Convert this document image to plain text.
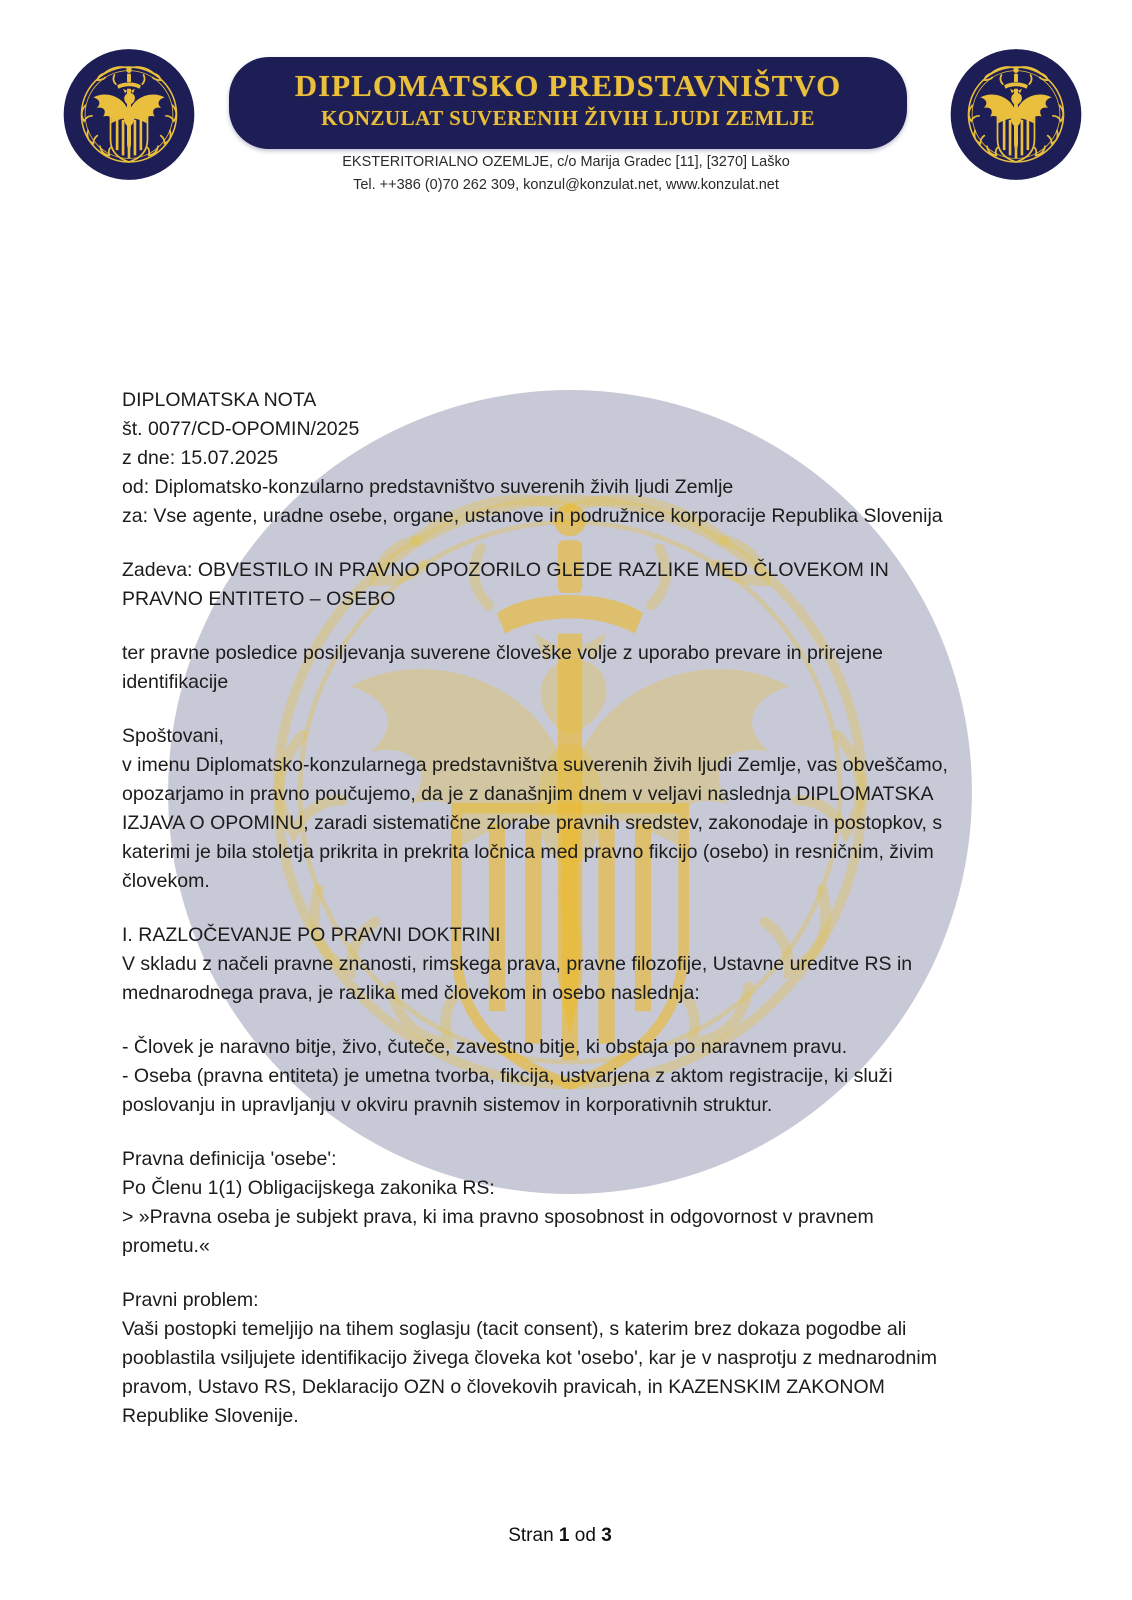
DIPLOMATSKO PREDSTAVNIŠTVO
KONZULAT SUVERENIH ŽIVIH LJUDI ZEMLJE
EKSTERITORIALNO OZEMLJE, c/o Marija Gradec [11], [3270] Laško
Tel. ++386 (0)70 262 309, konzul@konzulat.net, www.konzulat.net
DIPLOMATSKA NOTA
št. 0077/CD-OPOMIN/2025
z dne: 15.07.2025
od: Diplomatsko-konzularno predstavništvo suverenih živih ljudi Zemlje
za: Vse agente, uradne osebe, organe, ustanove in podružnice korporacije Republika Slovenija
Zadeva: OBVESTILO IN PRAVNO OPOZORILO GLEDE RAZLIKE MED ČLOVEKOM IN
PRAVNO ENTITETO – OSEBO
ter pravne posledice posiljevanja suverene človeške volje z uporabo prevare in prirejene
identifikacije
Spoštovani,
v imenu Diplomatsko-konzularnega predstavništva suverenih živih ljudi Zemlje, vas obveščamo,
opozarjamo in pravno poučujemo, da je z današnjim dnem v veljavi naslednja DIPLOMATSKA
IZJAVA O OPOMINU, zaradi sistematične zlorabe pravnih sredstev, zakonodaje in postopkov, s
katerimi je bila stoletja prikrita in prekrita ločnica med pravno fikcijo (osebo) in resničnim, živim
človekom.
I. RAZLOČEVANJE PO PRAVNI DOKTRINI
V skladu z načeli pravne znanosti, rimskega prava, pravne filozofije, Ustavne ureditve RS in
mednarodnega prava, je razlika med človekom in osebo naslednja:
- Človek je naravno bitje, živo, čuteče, zavestno bitje, ki obstaja po naravnem pravu.
- Oseba (pravna entiteta) je umetna tvorba, fikcija, ustvarjena z aktom registracije, ki služi
poslovanju in upravljanju v okviru pravnih sistemov in korporativnih struktur.
Pravna definicija 'osebe':
Po Členu 1(1) Obligacijskega zakonika RS:
> »Pravna oseba je subjekt prava, ki ima pravno sposobnost in odgovornost v pravnem
prometu.«
Pravni problem:
Vaši postopki temeljijo na tihem soglasju (tacit consent), s katerim brez dokaza pogodbe ali
pooblastila vsiljujete identifikacijo živega človeka kot 'osebo', kar je v nasprotju z mednarodnim
pravom, Ustavo RS, Deklaracijo OZN o človekovih pravicah, in KAZENSKIM ZAKONOM
Republike Slovenije.
Stran 1 od 3
